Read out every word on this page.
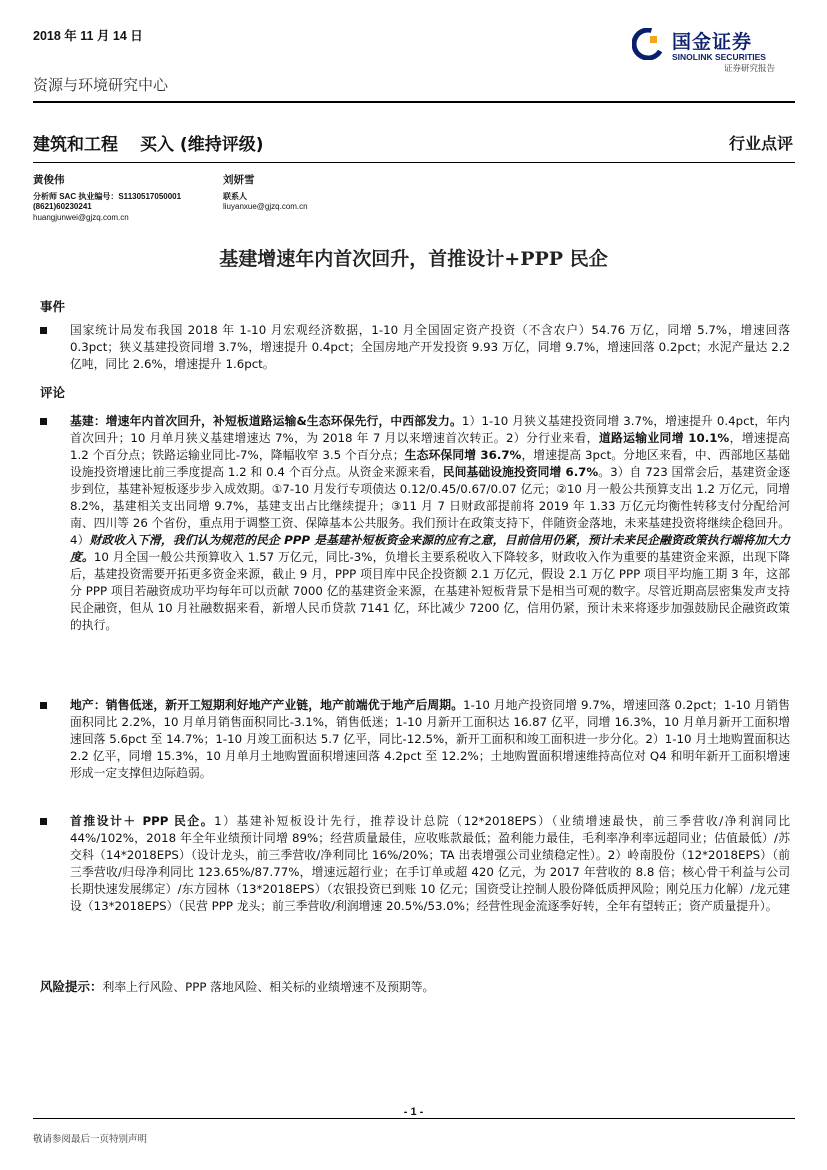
2018 年 11 月 14 日
资源与环境研究中心
国金证券
SINOLINK SECURITIES
证券研究报告
建筑和工程 买入 (维持评级)	行业点评
黄俊伟
分析师 SAC 执业编号：S1130517050001
(8621)60230241
huangjunwei@gjzq.com.cn
刘妍雪
联系人
liuyanxue@gjzq.com.cn
基建增速年内首次回升，首推设计+PPP 民企
事件

国家统计局发布我国 2018 年 1-10 月宏观经济数据，1-10 月全国固定资产投资（不含农户）54.76 万亿，同增 5.7%，增速回落 0.3pct；狭义基建投资同增 3.7%，增速提升 0.4pct；全国房地产开发投资 9.93 万亿，同增 9.7%，增速回落 0.2pct；水泥产量达 2.2 亿吨，同比 2.6%，增速提升 1.6pct。

评论

基建：增速年内首次回升，补短板道路运输&生态环保先行，中西部发力。1）1-10 月狭义基建投资同增 3.7%，增速提升 0.4pct，年内首次回升；10 月单月狭义基建增速达 7%，为 2018 年 7 月以来增速首次转正。2）分行业来看，道路运输业同增 10.1%，增速提高 1.2 个百分点；铁路运输业同比-7%，降幅收窄 3.5 个百分点；生态环保同增 36.7%，增速提高 3pct。分地区来看，中、西部地区基础设施投资增速比前三季度提高 1.2 和 0.4 个百分点。从资金来源来看，民间基础设施投资同增 6.7%。3）自 723 国常会后，基建资金逐步到位，基建补短板逐步步入成效期。①7-10 月发行专项债达 0.12/0.45/0.67/0.07 亿元；②10 月一般公共预算支出 1.2 万亿元，同增 8.2%，基建相关支出同增 9.7%，基建支出占比继续提升；③11 月 7 日财政部提前将 2019 年 1.33 万亿元均衡性转移支付分配给河南、四川等 26 个省份，重点用于调整工资、保障基本公共服务。我们预计在政策支持下，伴随资金落地，未来基建投资将继续企稳回升。4）财政收入下滑，我们认为规范的民企 PPP 是基建补短板资金来源的应有之意，目前信用仍紧，预计未来民企融资政策执行端将加大力度。10 月全国一般公共预算收入 1.57 万亿元，同比-3%，负增长主要系税收入下降较多，财政收入作为重要的基建资金来源，出现下降后，基建投资需要开拓更多资金来源，截止 9 月，PPP 项目库中民企投资额 2.1 万亿元，假设 2.1 万亿 PPP 项目平均施工期 3 年，这部分 PPP 项目若融资成功平均每年可以贡献 7000 亿的基建资金来源，在基建补短板背景下是相当可观的数字。尽管近期高层密集发声支持民企融资，但从 10 月社融数据来看，新增人民币贷款 7141 亿，环比减少 7200 亿，信用仍紧，预计未来将逐步加强鼓励民企融资政策的执行。

地产：销售低迷，新开工短期利好地产产业链，地产前端优于地产后周期。1-10 月地产投资同增 9.7%，增速回落 0.2pct；1-10 月销售面积同比 2.2%，10 月单月销售面积同比-3.1%，销售低迷；1-10 月新开工面积达 16.87 亿平，同增 16.3%，10 月单月新开工面积增速回落 5.6pct 至 14.7%；1-10 月竣工面积达 5.7 亿平，同比-12.5%，新开工面积和竣工面积进一步分化。2）1-10 月土地购置面积达 2.2 亿平，同增 15.3%，10 月单月土地购置面积增速回落 4.2pct 至 12.2%；土地购置面积增速维持高位对 Q4 和明年新开工面积增速形成一定支撑但边际趋弱。

首推设计＋ PPP 民企。1）基建补短板设计先行，推荐设计总院（12*2018EPS）（业绩增速最快，前三季营收/净利润同比 44%/102%，2018 年全年业绩预计同增 89%；经营质量最佳，应收账款最低；盈利能力最佳，毛利率净利率远超同业；估值最低）/苏交科（14*2018EPS）（设计龙头，前三季营收/净利同比 16%/20%；TA 出表增强公司业绩稳定性）。2）岭南股份（12*2018EPS）（前三季营收/归母净利同比 123.65%/87.77%，增速远超行业；在手订单或超 420 亿元，为 2017 年营收的 8.8 倍；核心骨干利益与公司长期快速发展绑定）/东方园林（13*2018EPS）（农银投资已到账 10 亿元；国资受让控制人股份降低质押风险；刚兑压力化解）/龙元建设（13*2018EPS）（民营 PPP 龙头；前三季营收/利润增速 20.5%/53.0%；经营性现金流逐季好转，全年有望转正；资产质量提升）。

风险提示：利率上行风险、PPP 落地风险、相关标的业绩增速不及预期等。
- 1 -
敬请参阅最后一页特别声明
